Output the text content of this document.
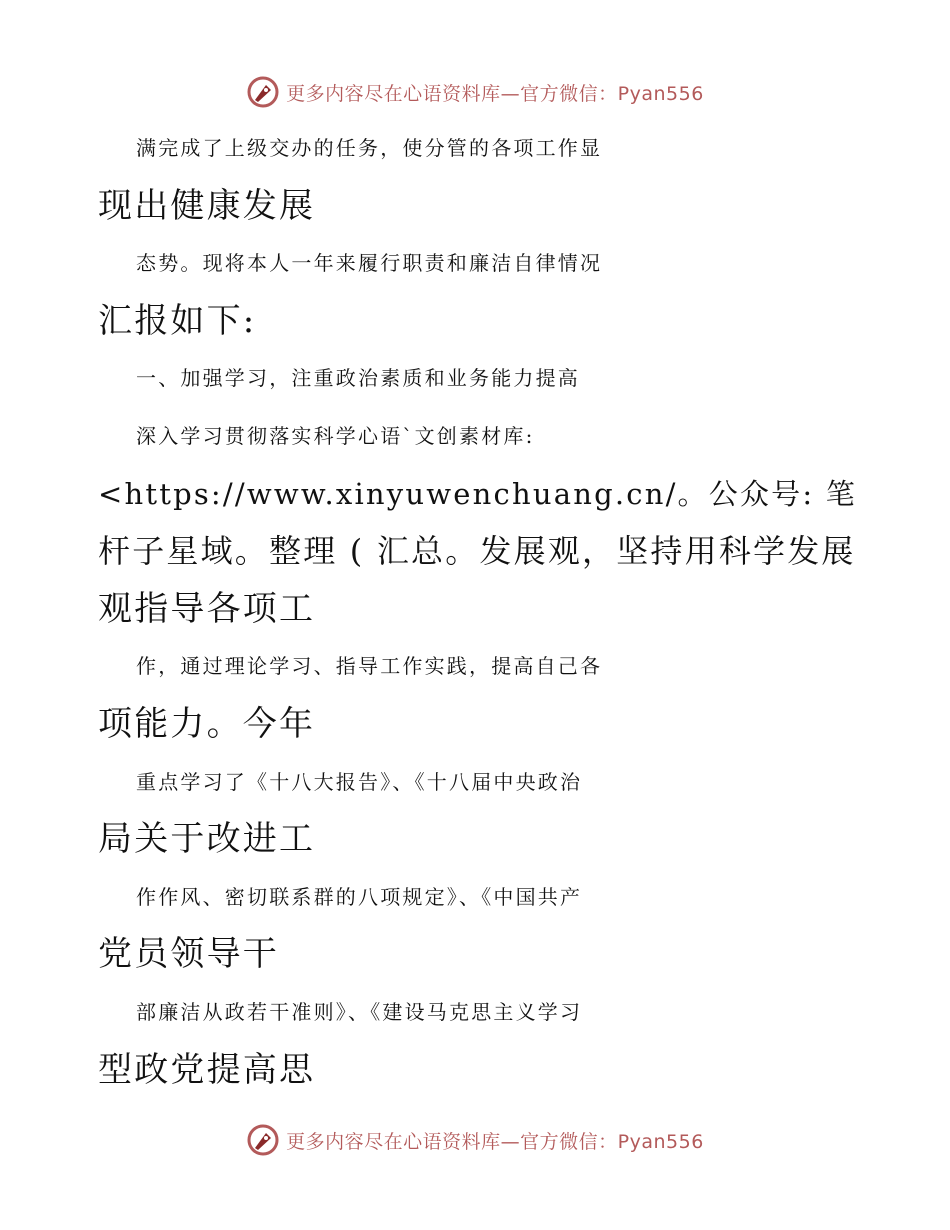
更多内容尽在心语资料库—官方微信：Pyan556
满完成了上级交办的任务，使分管的各项工作显
现出健康发展
态势。现将本人一年来履行职责和廉洁自律情况
汇报如下:
一、加强学习，注重政治素质和业务能力提高
深入学习贯彻落实科学心语`文创素材库:
<https://www.xinyuwenchuang.cn/。公众号: 笔
杆子星域。整理 ( 汇总。发展观，坚持用科学发展
观指导各项工
作，通过理论学习、指导工作实践，提高自己各
项能力。今年
重点学习了《十八大报告》、《十八届中央政治
局关于改进工
作作风、密切联系群的八项规定》、《中国共产
党员领导干
部廉洁从政若干准则》、《建设马克思主义学习
型政党提高思
更多内容尽在心语资料库—官方微信：Pyan556
